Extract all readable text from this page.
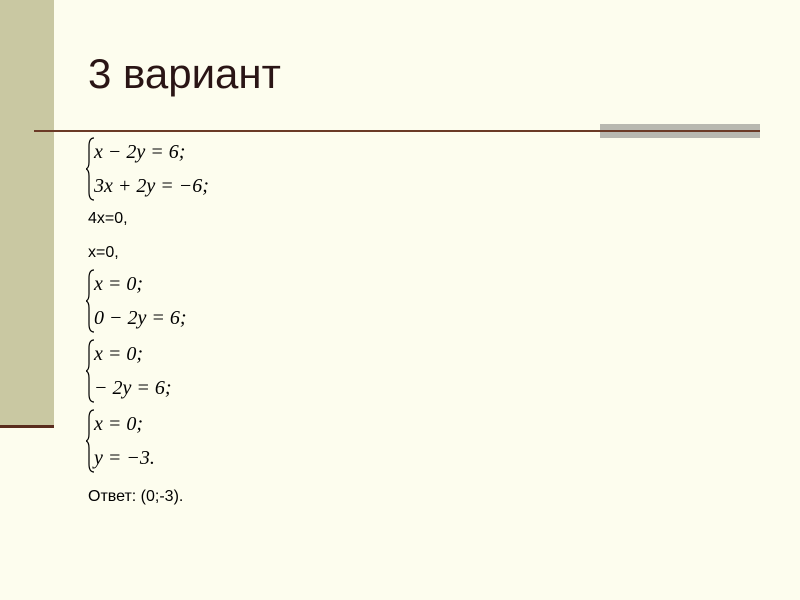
3 вариант
x − 2y = 6;
3x + 2y = −6;
4x=0,
x=0,
x = 0;
0 − 2y = 6;
x = 0;
− 2y = 6;
x = 0;
y = −3.
Ответ: (0;-3).
